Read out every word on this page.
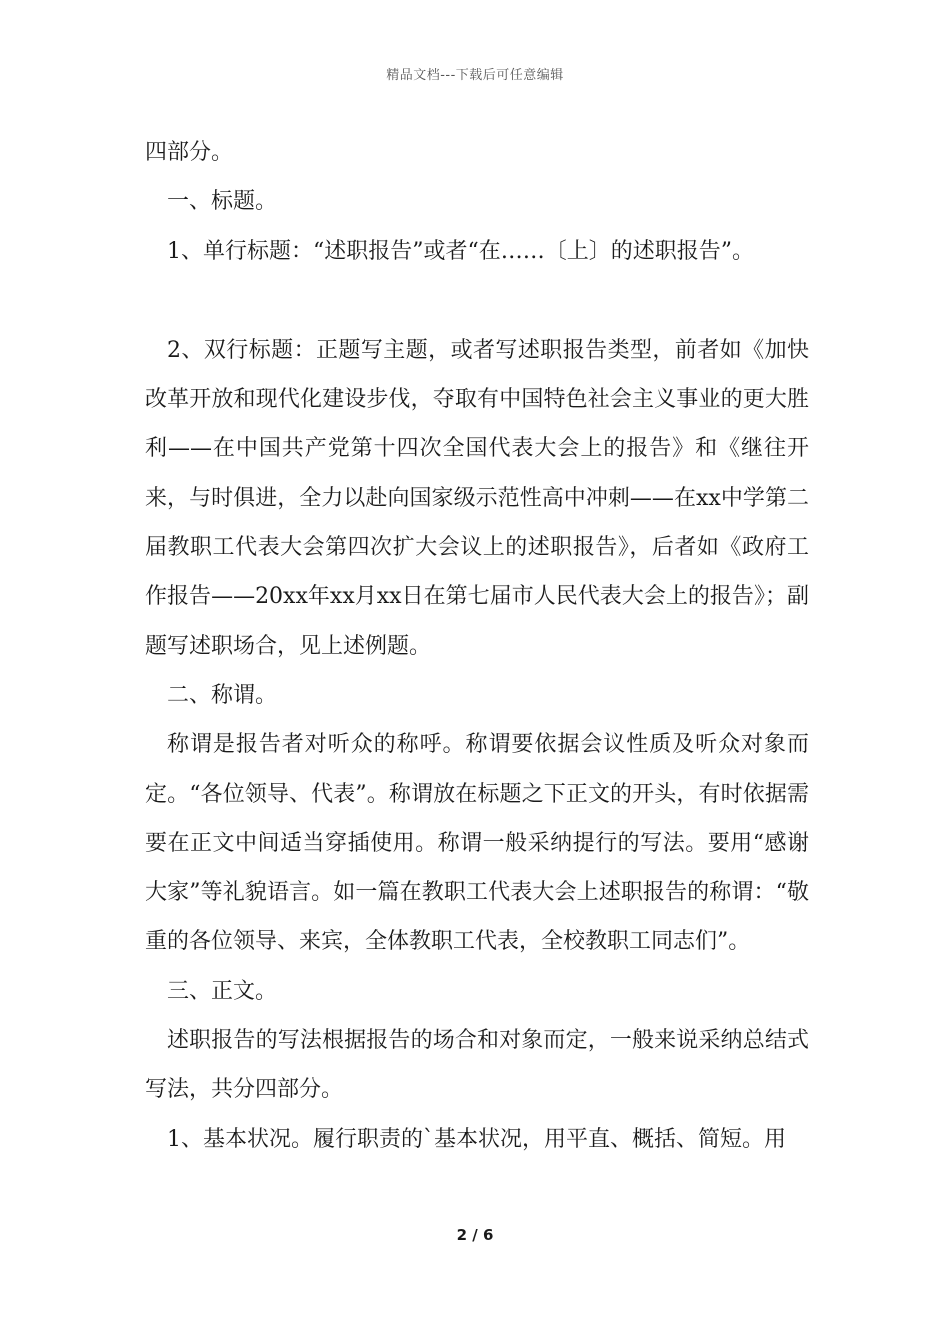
精品文档---下载后可任意编辑

四部分。

一、标题。

1、单行标题：“述职报告”或者“在……〔上〕的述职报告”。

2、双行标题：正题写主题，或者写述职报告类型，前者如《加快改革开放和现代化建设步伐，夺取有中国特色社会主义事业的更大胜利——在中国共产党第十四次全国代表大会上的报告》和《继往开来，与时俱进，全力以赴向国家级示范性高中冲刺——在xx中学第二届教职工代表大会第四次扩大会议上的述职报告》，后者如《政府工作报告——20xx年xx月xx日在第七届市人民代表大会上的报告》；副题写述职场合，见上述例题。

二、称谓。

称谓是报告者对听众的称呼。称谓要依据会议性质及听众对象而定。“各位领导、代表”。称谓放在标题之下正文的开头，有时依据需要在正文中间适当穿插使用。称谓一般采纳提行的写法。要用“感谢大家”等礼貌语言。如一篇在教职工代表大会上述职报告的称谓：“敬重的各位领导、来宾，全体教职工代表，全校教职工同志们”。

三、正文。

述职报告的写法根据报告的场合和对象而定，一般来说采纳总结式写法，共分四部分。

1、基本状况。履行职责的`基本状况，用平直、概括、简短。用

2 / 6
